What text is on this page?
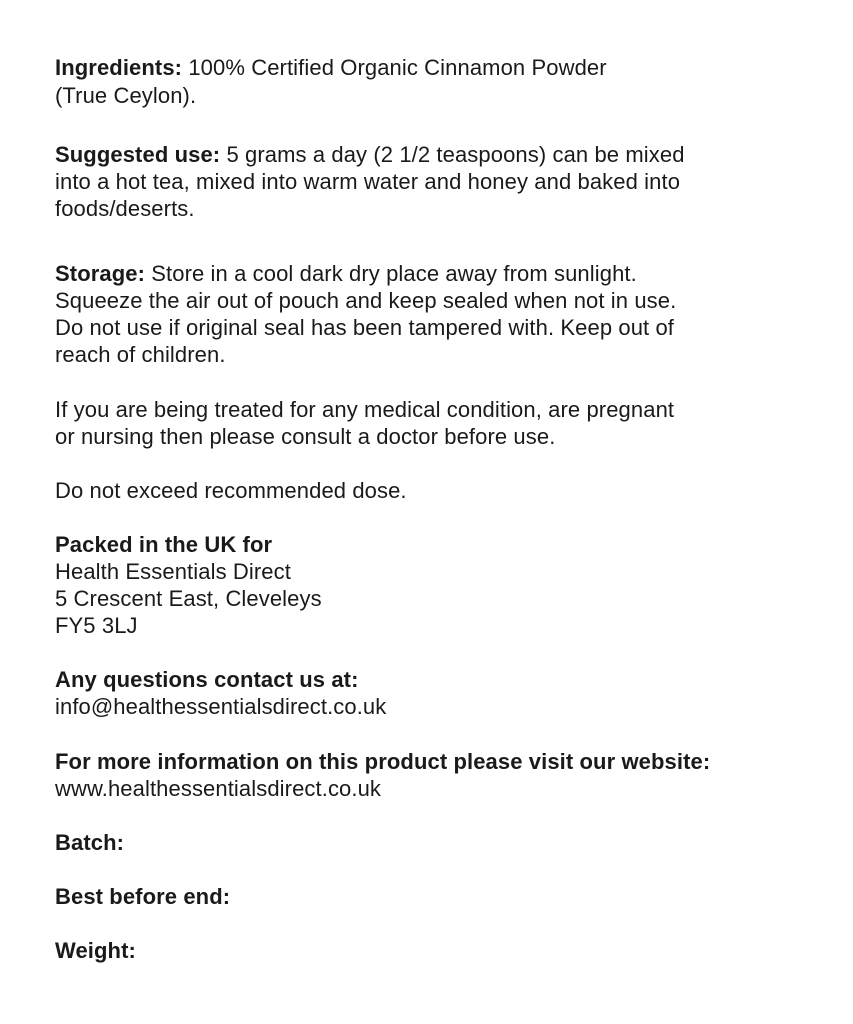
Ingredients: 100% Certified Organic Cinnamon Powder
(True Ceylon).
Suggested use: 5 grams a day (2 1/2 teaspoons) can be mixed
into a hot tea, mixed into warm water and honey and baked into
foods/deserts.
Storage: Store in a cool dark dry place away from sunlight.
Squeeze the air out of pouch and keep sealed when not in use.
Do not use if original seal has been tampered with. Keep out of
reach of children.
If you are being treated for any medical condition, are pregnant
or nursing then please consult a doctor before use.
Do not exceed recommended dose.
Packed in the UK for
Health Essentials Direct
5 Crescent East, Cleveleys
FY5 3LJ
Any questions contact us at:
info@healthessentialsdirect.co.uk
For more information on this product please visit our website:
www.healthessentialsdirect.co.uk
Batch:
Best before end:
Weight:
